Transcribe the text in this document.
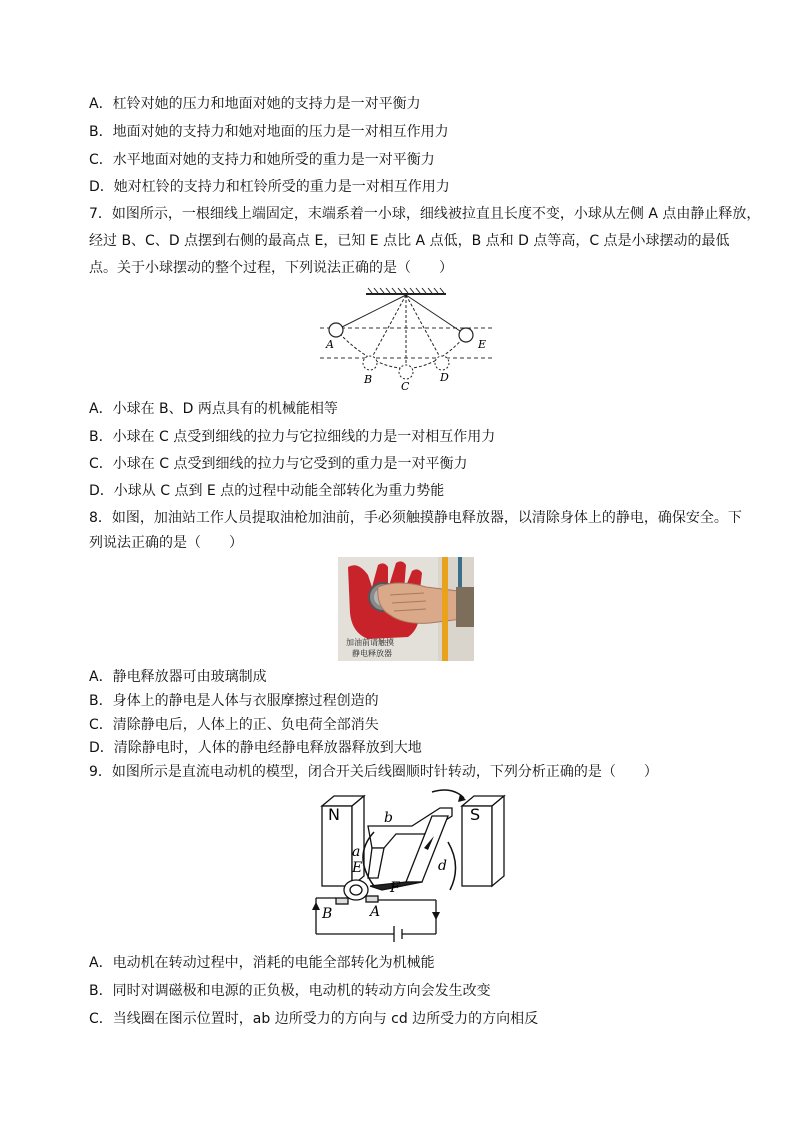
A．杠铃对她的压力和地面对她的支持力是一对平衡力
B．地面对她的支持力和她对地面的压力是一对相互作用力
C．水平地面对她的支持力和她所受的重力是一对平衡力
D．她对杠铃的支持力和杠铃所受的重力是一对相互作用力
7．如图所示，一根细线上端固定，末端系着一小球，细线被拉直且长度不变，小球从左侧 A 点由静止释放，
经过 B、C、D 点摆到右侧的最高点 E，已知 E 点比 A 点低，B 点和 D 点等高，C 点是小球摆动的最低
点。关于小球摆动的整个过程，下列说法正确的是（　　）
A	E
B
C
D
A．小球在 B、D 两点具有的机械能相等
B．小球在 C 点受到细线的拉力与它拉细线的力是一对相互作用力
C．小球在 C 点受到细线的拉力与它受到的重力是一对平衡力
D．小球从 C 点到 E 点的过程中动能全部转化为重力势能
8．如图，加油站工作人员提取油枪加油前，手必须触摸静电释放器，以清除身体上的静电，确保安全。下
列说法正确的是（　　）
加油前请触摸
静电释放器
A．静电释放器可由玻璃制成
B．身体上的静电是人体与衣服摩擦过程创造的
C．清除静电后，人体上的正、负电荷全部消失
D．清除静电时，人体的静电经静电释放器释放到大地
9．如图所示是直流电动机的模型，闭合开关后线圈顺时针转动，下列分析正确的是（　　）
N	S
b
a
d
E
F
B	A
A．电动机在转动过程中，消耗的电能全部转化为机械能
B．同时对调磁极和电源的正负极，电动机的转动方向会发生改变
C．当线圈在图示位置时，ab 边所受力的方向与 cd 边所受力的方向相反
